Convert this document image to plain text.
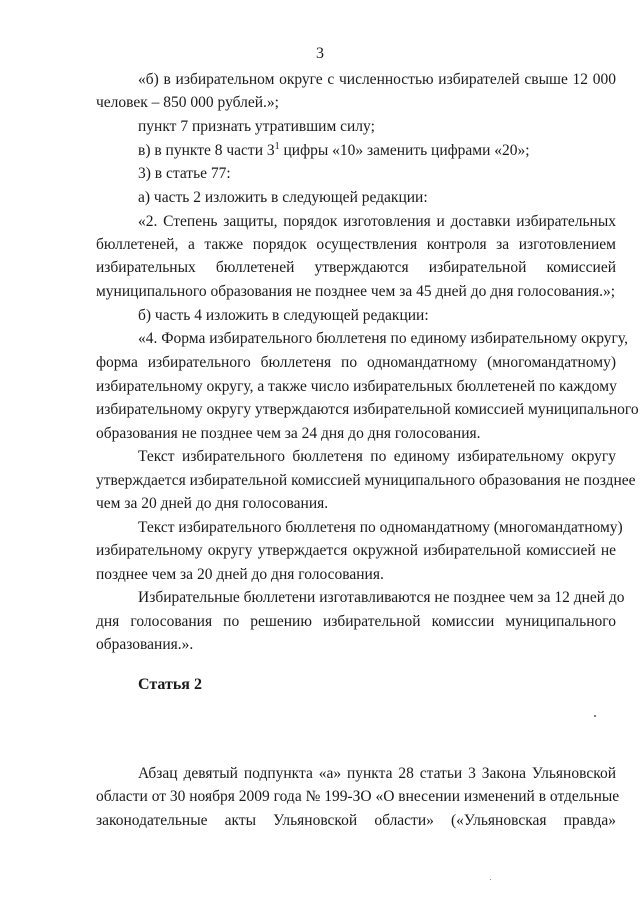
3

«б) в избирательном округе с численностью избирателей свыше 12 000

человек – 850 000 рублей.»;

пункт 7 признать утратившим силу;

в) в пункте 8 части $3^1$ цифры «10» заменить цифрами «20»;

3) в статье 77:

а) часть 2 изложить в следующей редакции:

«2. Степень защиты, порядок изготовления и доставки избирательных

бюллетеней, а также порядок осуществления контроля за изготовлением

избирательных бюллетеней утверждаются избирательной комиссией

муниципального образования не позднее чем за 45 дней до дня голосования.»;

б) часть 4 изложить в следующей редакции:

«4. Форма избирательного бюллетеня по единому избирательному округу,

форма избирательного бюллетеня по одномандатному (многомандатному)

избирательному округу, а также число избирательных бюллетеней по каждому

избирательному округу утверждаются избирательной комиссией муниципального

образования не позднее чем за 24 дня до дня голосования.

Текст избирательного бюллетеня по единому избирательному округу

утверждается избирательной комиссией муниципального образования не позднее

чем за 20 дней до дня голосования.

Текст избирательного бюллетеня по одномандатному (многомандатному)

избирательному округу утверждается окружной избирательной комиссией не

позднее чем за 20 дней до дня голосования.

Избирательные бюллетени изготавливаются не позднее чем за 12 дней до

дня голосования по решению избирательной комиссии муниципального

образования.».

Статья 2

Абзац девятый подпункта «а» пункта 28 статьи 3 Закона Ульяновской

области от 30 ноября 2009 года № 199-ЗО «О внесении изменений в отдельные

законодательные акты Ульяновской области» («Ульяновская правда»
